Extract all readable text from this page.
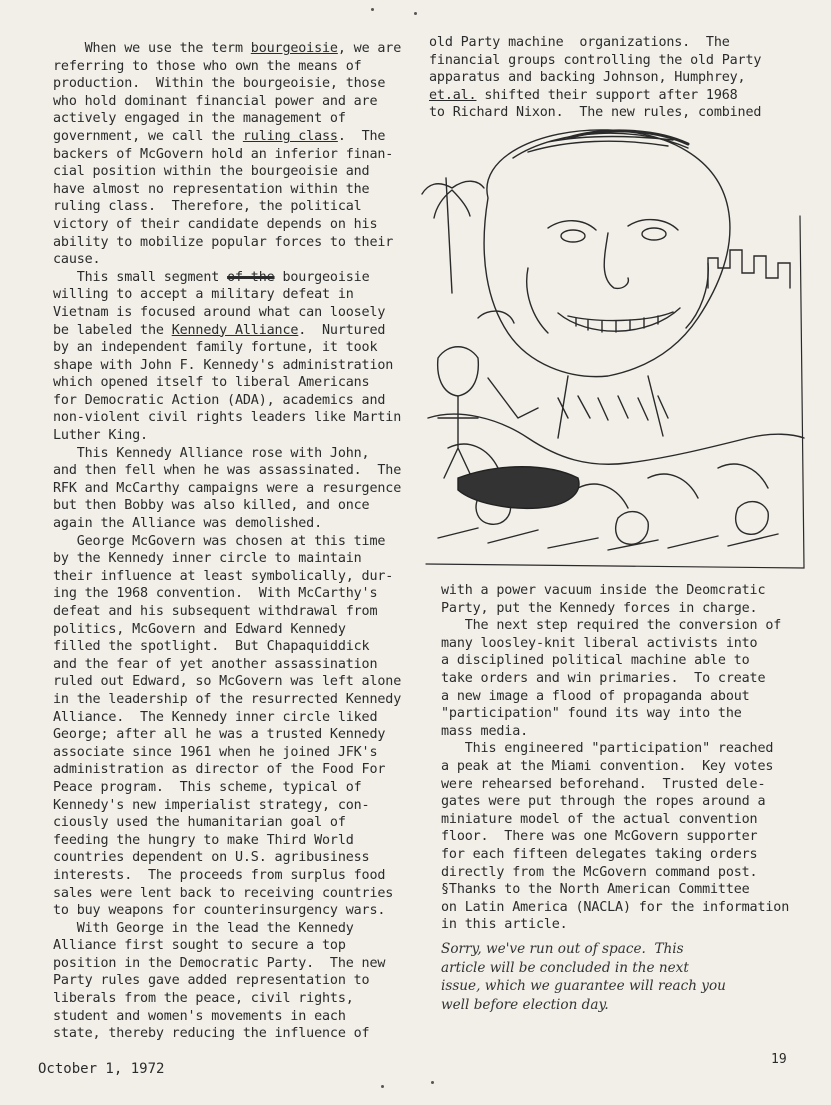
When we use the term bourgeoisie, we are
referring to those who own the means of
production.  Within the bourgeoisie, those
who hold dominant financial power and are
actively engaged in the management of
government, we call the ruling class.  The
backers of McGovern hold an inferior finan-
cial position within the bourgeoisie and
have almost no representation within the
ruling class.  Therefore, the political
victory of their candidate depends on his
ability to mobilize popular forces to their
cause.
This small segment of the bourgeoisie
willing to accept a military defeat in
Vietnam is focused around what can loosely
be labeled the Kennedy Alliance.  Nurtured
by an independent family fortune, it took
shape with John F. Kennedy's administration
which opened itself to liberal Americans
for Democratic Action (ADA), academics and
non-violent civil rights leaders like Martin
Luther King.
This Kennedy Alliance rose with John,
and then fell when he was assassinated.  The
RFK and McCarthy campaigns were a resurgence
but then Bobby was also killed, and once
again the Alliance was demolished.
George McGovern was chosen at this time
by the Kennedy inner circle to maintain
their influence at least symbolically, dur-
ing the 1968 convention.  With McCarthy's
defeat and his subsequent withdrawal from
politics, McGovern and Edward Kennedy
filled the spotlight.  But Chapaquiddick
and the fear of yet another assassination
ruled out Edward, so McGovern was left alone
in the leadership of the resurrected Kennedy
Alliance.  The Kennedy inner circle liked
George; after all he was a trusted Kennedy
associate since 1961 when he joined JFK's
administration as director of the Food For
Peace program.  This scheme, typical of
Kennedy's new imperialist strategy, con-
ciously used the humanitarian goal of
feeding the hungry to make Third World
countries dependent on U.S. agribusiness
interests.  The proceeds from surplus food
sales were lent back to receiving countries
to buy weapons for counterinsurgency wars.
With George in the lead the Kennedy
Alliance first sought to secure a top
position in the Democratic Party.  The new
Party rules gave added representation to
liberals from the peace, civil rights,
student and women's movements in each
state, thereby reducing the influence of
old Party machine  organizations.  The
financial groups controlling the old Party
apparatus and backing Johnson, Humphrey,
et.al. shifted their support after 1968
to Richard Nixon.  The new rules, combined
with a power vacuum inside the Deomcratic
Party, put the Kennedy forces in charge.
The next step required the conversion of
many loosley-knit liberal activists into
a disciplined political machine able to
take orders and win primaries.  To create
a new image a flood of propaganda about
"participation" found its way into the
mass media.
This engineered "participation" reached
a peak at the Miami convention.  Key votes
were rehearsed beforehand.  Trusted dele-
gates were put through the ropes around a
miniature model of the actual convention
floor.  There was one McGovern supporter
for each fifteen delegates taking orders
directly from the McGovern command post.
§Thanks to the North American Committee
on Latin America (NACLA) for the information
in this article.
Sorry, we've run out of space.  This
article will be concluded in the next
issue, which we guarantee will reach you
well before election day.
October 1, 1972
19
